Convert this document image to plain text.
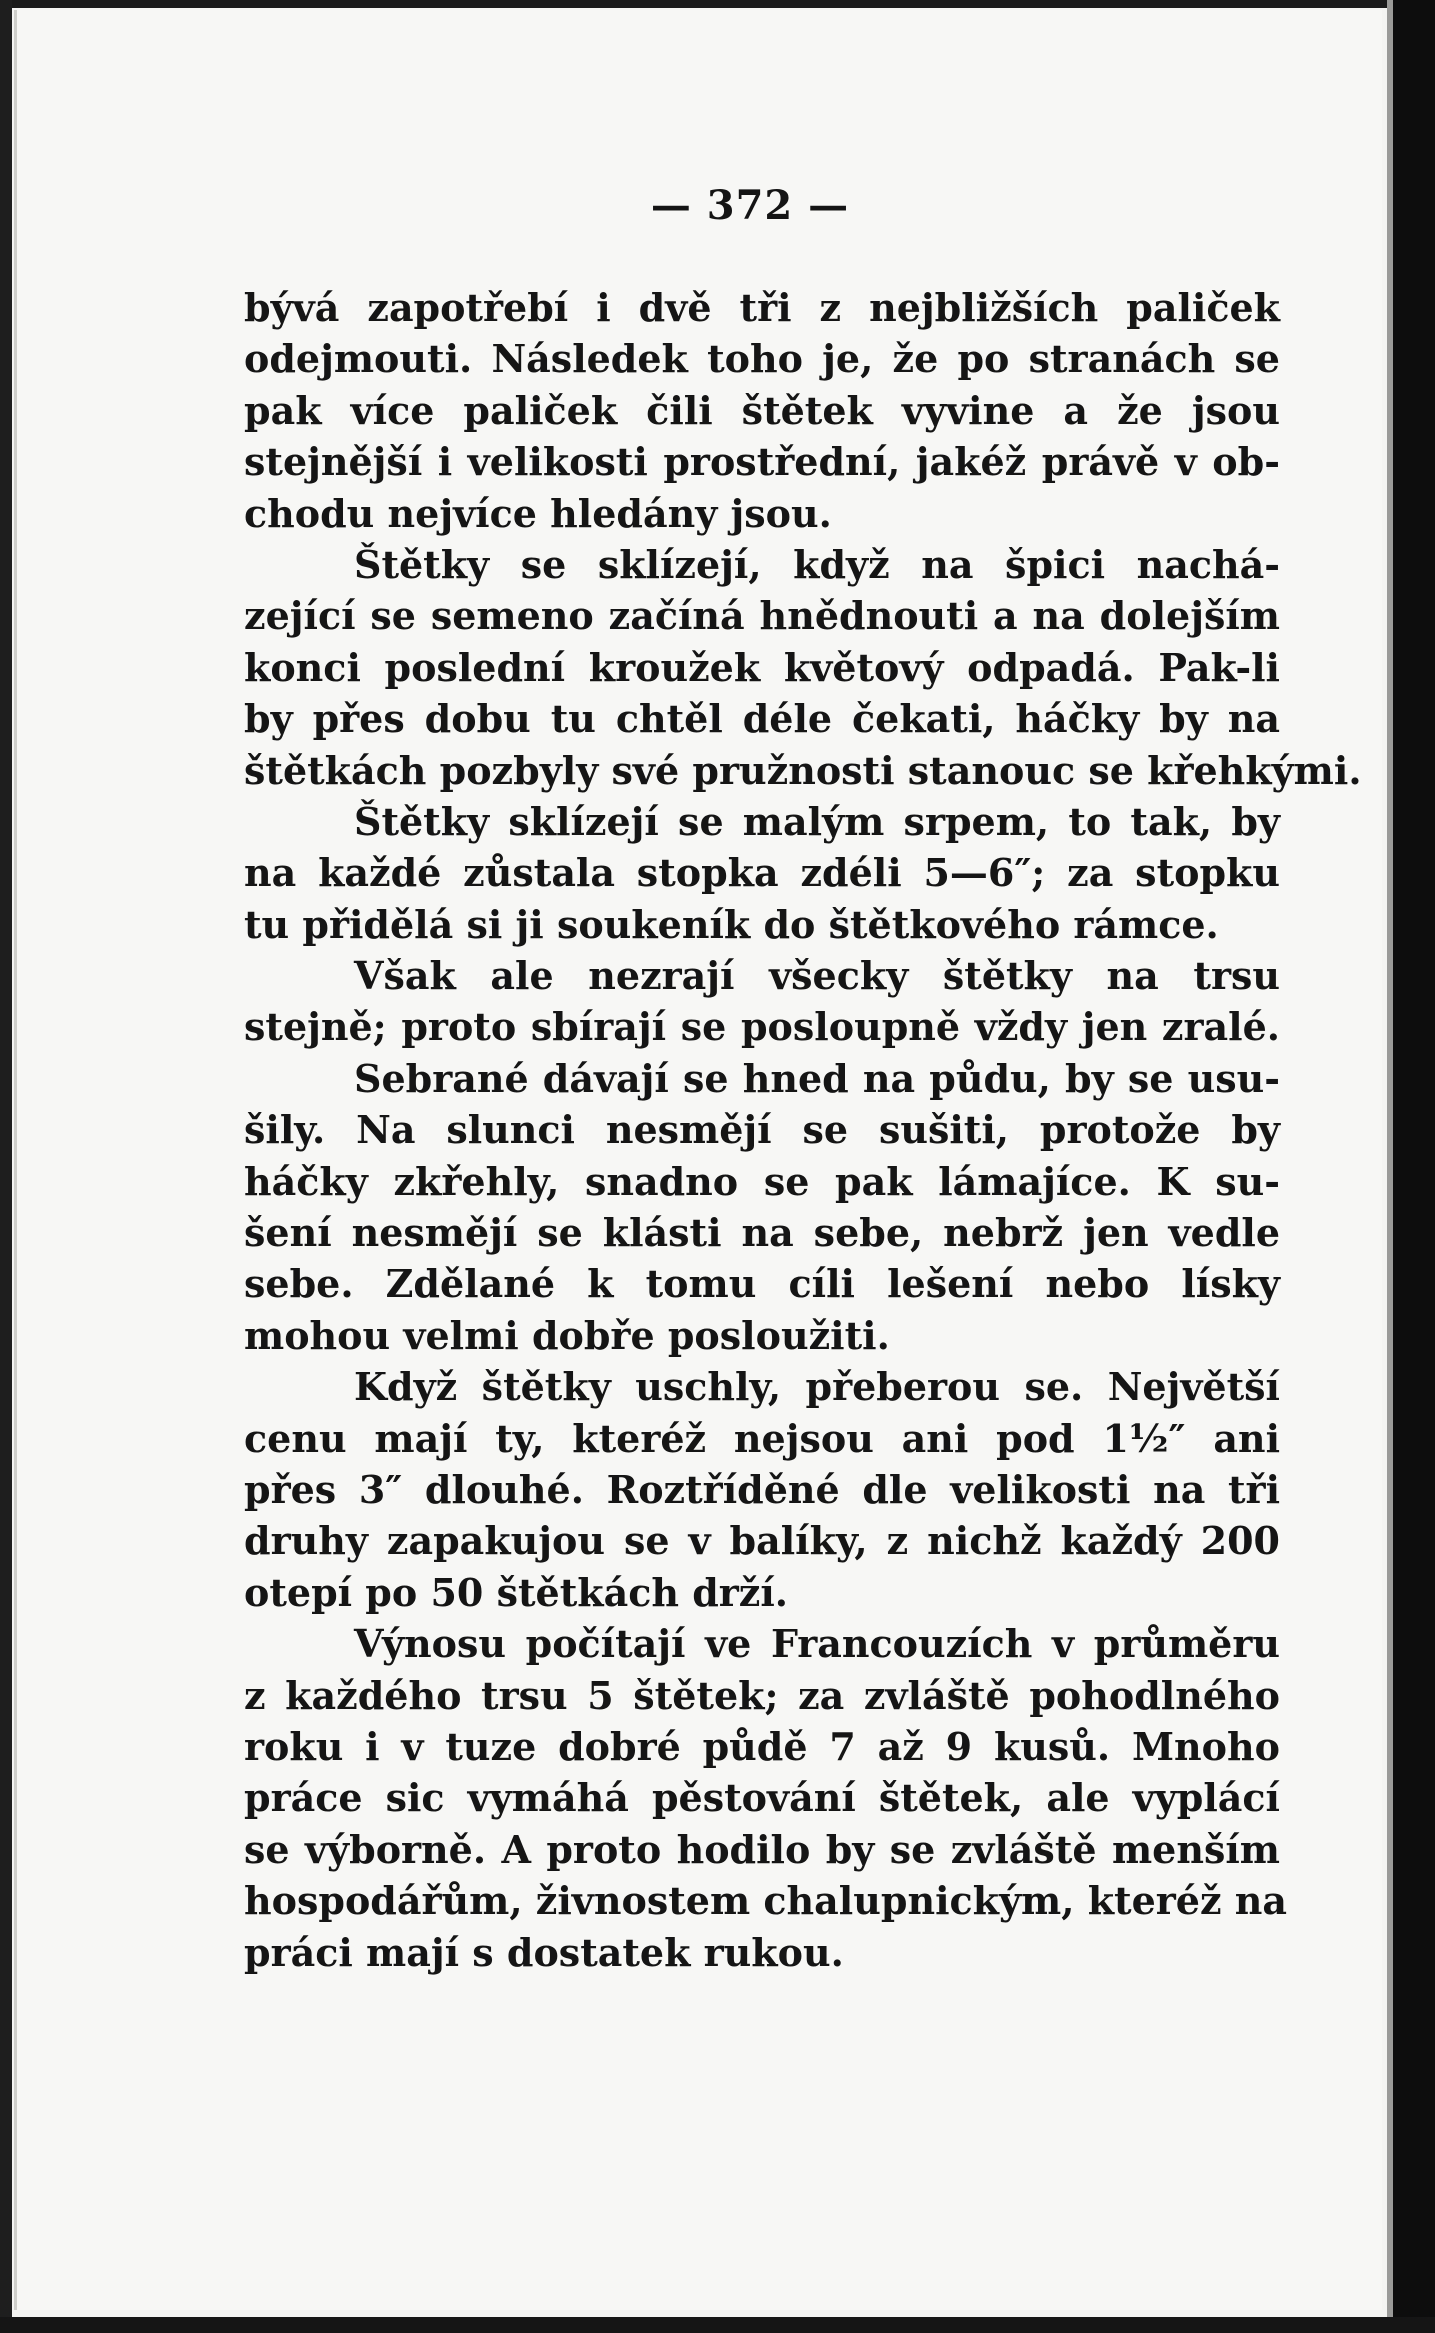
— 372 —
bývá zapotřebí i dvě tři z nejbližších paliček
odejmouti. Následek toho je, že po stranách se
pak více paliček čili štětek vyvine a že jsou
stejnější i velikosti prostřední, jakéž právě v ob-
chodu nejvíce hledány jsou.
Štětky se sklízejí, když na špici nachá-
zející se semeno začíná hnědnouti a na dolejším
konci poslední kroužek květový odpadá. Pak-li
by přes dobu tu chtěl déle čekati, háčky by na
štětkách pozbyly své pružnosti stanouc se křehkými.
Štětky sklízejí se malým srpem, to tak, by
na každé zůstala stopka zdéli 5—6″; za stopku
tu přidělá si ji soukeník do štětkového rámce.
Však ale nezrají všecky štětky na trsu
stejně; proto sbírají se posloupně vždy jen zralé.
Sebrané dávají se hned na půdu, by se usu-
šily. Na slunci nesmějí se sušiti, protože by
háčky zkřehly, snadno se pak lámajíce. K su-
šení nesmějí se klásti na sebe, nebrž jen vedle
sebe. Zdělané k tomu cíli lešení nebo lísky
mohou velmi dobře posloužiti.
Když štětky uschly, přeberou se. Největší
cenu mají ty, kteréž nejsou ani pod 1½″ ani
přes 3″ dlouhé. Roztříděné dle velikosti na tři
druhy zapakujou se v balíky, z nichž každý 200
otepí po 50 štětkách drží.
Výnosu počítají ve Francouzích v průměru
z každého trsu 5 štětek; za zvláště pohodlného
roku i v tuze dobré půdě 7 až 9 kusů. Mnoho
práce sic vymáhá pěstování štětek, ale vyplácí
se výborně. A proto hodilo by se zvláště menším
hospodářům, živnostem chalupnickým, kteréž na
práci mají s dostatek rukou.
